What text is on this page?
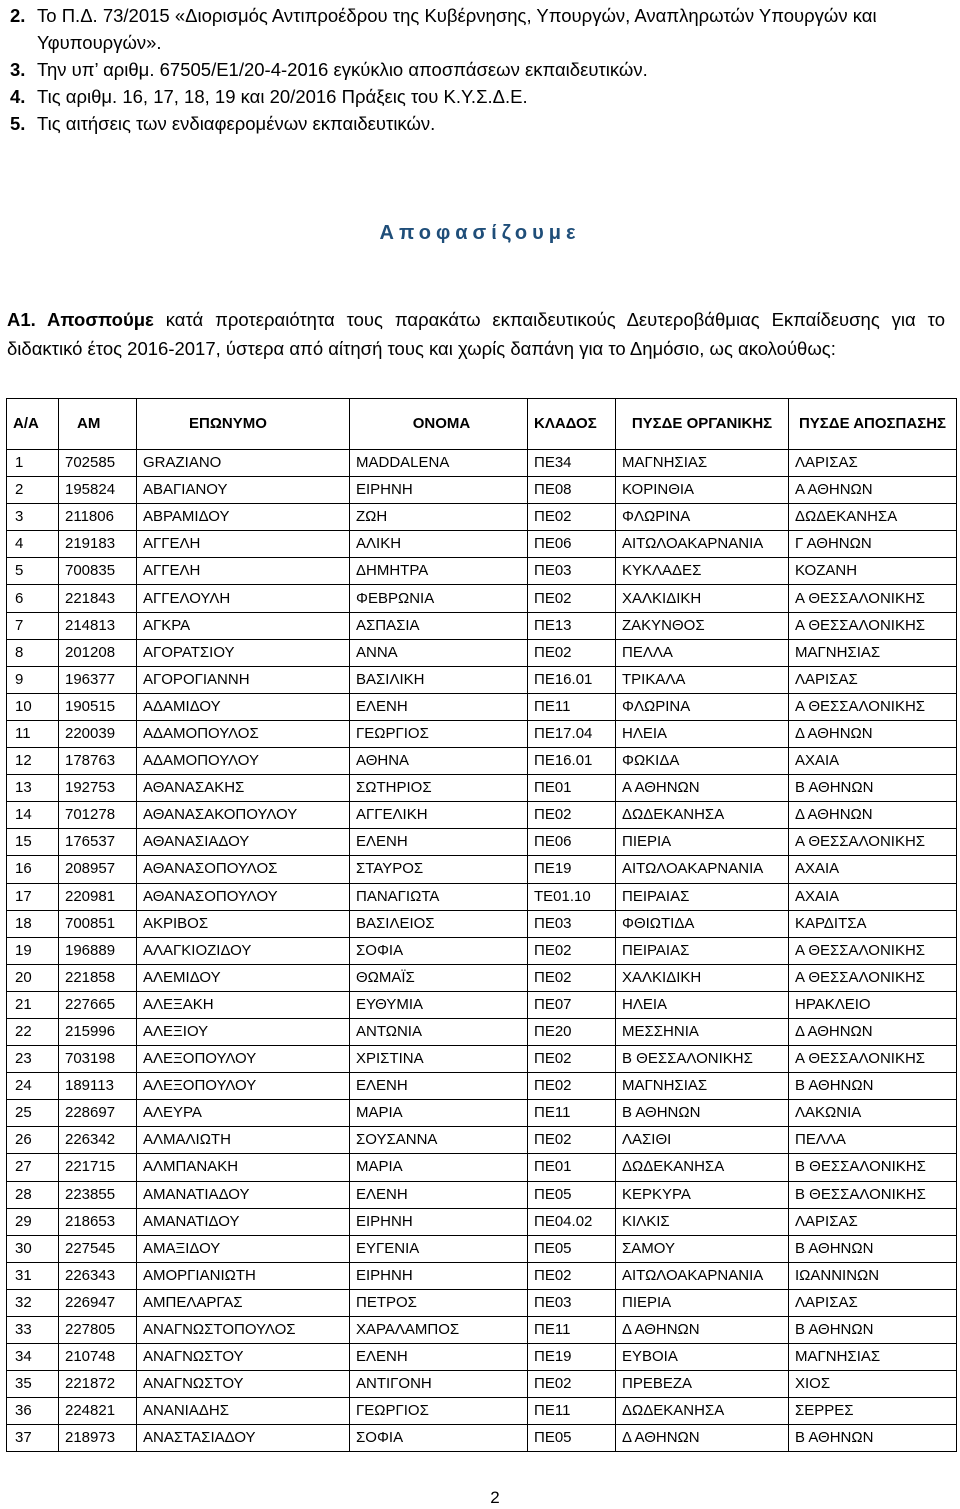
2. Το Π.Δ. 73/2015 «Διορισμός Αντιπροέδρου της Κυβέρνησης, Υπουργών, Αναπληρωτών Υπουργών και Υφυπουργών».
3. Την υπ’ αριθμ. 67505/Ε1/20-4-2016 εγκύκλιο αποσπάσεων εκπαιδευτικών.
4. Τις αριθμ. 16, 17, 18, 19 και 20/2016 Πράξεις του Κ.Υ.Σ.Δ.Ε.
5. Τις αιτήσεις των ενδιαφερομένων εκπαιδευτικών.
Αποφασίζουμε
Α1. Αποσπούμε κατά προτεραιότητα τους παρακάτω εκπαιδευτικούς Δευτεροβάθμιας Εκπαίδευσης για το διδακτικό έτος 2016-2017, ύστερα από αίτησή τους και χωρίς δαπάνη για το Δημόσιο, ως ακολούθως:
Α/Α	ΑΜ	ΕΠΩΝΥΜΟ	ΟΝΟΜΑ	ΚΛΑΔΟΣ	ΠΥΣΔΕ ΟΡΓΑΝΙΚΗΣ	ΠΥΣΔΕ ΑΠΟΣΠΑΣΗΣ
1	702585	GRAZIANO	MADDALENA	ΠΕ34	ΜΑΓΝΗΣΙΑΣ	ΛΑΡΙΣΑΣ
2	195824	ΑΒΑΓΙΑΝΟΥ	ΕΙΡΗΝΗ	ΠΕ08	ΚΟΡΙΝΘΙΑ	Α ΑΘΗΝΩΝ
3	211806	ΑΒΡΑΜΙΔΟΥ	ΖΩΗ	ΠΕ02	ΦΛΩΡΙΝΑ	ΔΩΔΕΚΑΝΗΣΑ
4	219183	ΑΓΓΕΛΗ	ΑΛΙΚΗ	ΠΕ06	ΑΙΤΩΛΟΑΚΑΡΝΑΝΙΑ	Γ ΑΘΗΝΩΝ
5	700835	ΑΓΓΕΛΗ	ΔΗΜΗΤΡΑ	ΠΕ03	ΚΥΚΛΑΔΕΣ	ΚΟΖΑΝΗ
6	221843	ΑΓΓΕΛΟΥΛΗ	ΦΕΒΡΩΝΙΑ	ΠΕ02	ΧΑΛΚΙΔΙΚΗ	Α ΘΕΣΣΑΛΟΝΙΚΗΣ
7	214813	ΑΓΚΡΑ	ΑΣΠΑΣΙΑ	ΠΕ13	ΖΑΚΥΝΘΟΣ	Α ΘΕΣΣΑΛΟΝΙΚΗΣ
8	201208	ΑΓΟΡΑΤΣΙΟΥ	ΑΝΝΑ	ΠΕ02	ΠΕΛΛΑ	ΜΑΓΝΗΣΙΑΣ
9	196377	ΑΓΟΡΟΓΙΑΝΝΗ	ΒΑΣΙΛΙΚΗ	ΠΕ16.01	ΤΡΙΚΑΛΑ	ΛΑΡΙΣΑΣ
10	190515	ΑΔΑΜΙΔΟΥ	ΕΛΕΝΗ	ΠΕ11	ΦΛΩΡΙΝΑ	Α ΘΕΣΣΑΛΟΝΙΚΗΣ
11	220039	ΑΔΑΜΟΠΟΥΛΟΣ	ΓΕΩΡΓΙΟΣ	ΠΕ17.04	ΗΛΕΙΑ	Δ ΑΘΗΝΩΝ
12	178763	ΑΔΑΜΟΠΟΥΛΟΥ	ΑΘΗΝΑ	ΠΕ16.01	ΦΩΚΙΔΑ	ΑΧΑΙΑ
13	192753	ΑΘΑΝΑΣΑΚΗΣ	ΣΩΤΗΡΙΟΣ	ΠΕ01	Α ΑΘΗΝΩΝ	Β ΑΘΗΝΩΝ
14	701278	ΑΘΑΝΑΣΑΚΟΠΟΥΛΟΥ	ΑΓΓΕΛΙΚΗ	ΠΕ02	ΔΩΔΕΚΑΝΗΣΑ	Δ ΑΘΗΝΩΝ
15	176537	ΑΘΑΝΑΣΙΑΔΟΥ	ΕΛΕΝΗ	ΠΕ06	ΠΙΕΡΙΑ	Α ΘΕΣΣΑΛΟΝΙΚΗΣ
16	208957	ΑΘΑΝΑΣΟΠΟΥΛΟΣ	ΣΤΑΥΡΟΣ	ΠΕ19	ΑΙΤΩΛΟΑΚΑΡΝΑΝΙΑ	ΑΧΑΙΑ
17	220981	ΑΘΑΝΑΣΟΠΟΥΛΟΥ	ΠΑΝΑΓΙΩΤΑ	ΤΕ01.10	ΠΕΙΡΑΙΑΣ	ΑΧΑΙΑ
18	700851	ΑΚΡΙΒΟΣ	ΒΑΣΙΛΕΙΟΣ	ΠΕ03	ΦΘΙΩΤΙΔΑ	ΚΑΡΔΙΤΣΑ
19	196889	ΑΛΑΓΚΙΟΖΙΔΟΥ	ΣΟΦΙΑ	ΠΕ02	ΠΕΙΡΑΙΑΣ	Α ΘΕΣΣΑΛΟΝΙΚΗΣ
20	221858	ΑΛΕΜΙΔΟΥ	ΘΩΜΑΪΣ	ΠΕ02	ΧΑΛΚΙΔΙΚΗ	Α ΘΕΣΣΑΛΟΝΙΚΗΣ
21	227665	ΑΛΕΞΑΚΗ	ΕΥΘΥΜΙΑ	ΠΕ07	ΗΛΕΙΑ	ΗΡΑΚΛΕΙΟ
22	215996	ΑΛΕΞΙΟΥ	ΑΝΤΩΝΙΑ	ΠΕ20	ΜΕΣΣΗΝΙΑ	Δ ΑΘΗΝΩΝ
23	703198	ΑΛΕΞΟΠΟΥΛΟΥ	ΧΡΙΣΤΙΝΑ	ΠΕ02	Β ΘΕΣΣΑΛΟΝΙΚΗΣ	Α ΘΕΣΣΑΛΟΝΙΚΗΣ
24	189113	ΑΛΕΞΟΠΟΥΛΟΥ	ΕΛΕΝΗ	ΠΕ02	ΜΑΓΝΗΣΙΑΣ	Β ΑΘΗΝΩΝ
25	228697	ΑΛΕΥΡΑ	ΜΑΡΙΑ	ΠΕ11	Β ΑΘΗΝΩΝ	ΛΑΚΩΝΙΑ
26	226342	ΑΛΜΑΛΙΩΤΗ	ΣΟΥΣΑΝΝΑ	ΠΕ02	ΛΑΣΙΘΙ	ΠΕΛΛΑ
27	221715	ΑΛΜΠΑΝΑΚΗ	ΜΑΡΙΑ	ΠΕ01	ΔΩΔΕΚΑΝΗΣΑ	Β ΘΕΣΣΑΛΟΝΙΚΗΣ
28	223855	ΑΜΑΝΑΤΙΑΔΟΥ	ΕΛΕΝΗ	ΠΕ05	ΚΕΡΚΥΡΑ	Β ΘΕΣΣΑΛΟΝΙΚΗΣ
29	218653	ΑΜΑΝΑΤΙΔΟΥ	ΕΙΡΗΝΗ	ΠΕ04.02	ΚΙΛΚΙΣ	ΛΑΡΙΣΑΣ
30	227545	ΑΜΑΞΙΔΟΥ	ΕΥΓΕΝΙΑ	ΠΕ05	ΣΑΜΟΥ	Β ΑΘΗΝΩΝ
31	226343	ΑΜΟΡΓΙΑΝΙΩΤΗ	ΕΙΡΗΝΗ	ΠΕ02	ΑΙΤΩΛΟΑΚΑΡΝΑΝΙΑ	ΙΩΑΝΝΙΝΩΝ
32	226947	ΑΜΠΕΛΑΡΓΑΣ	ΠΕΤΡΟΣ	ΠΕ03	ΠΙΕΡΙΑ	ΛΑΡΙΣΑΣ
33	227805	ΑΝΑΓΝΩΣΤΟΠΟΥΛΟΣ	ΧΑΡΑΛΑΜΠΟΣ	ΠΕ11	Δ ΑΘΗΝΩΝ	Β ΑΘΗΝΩΝ
34	210748	ΑΝΑΓΝΩΣΤΟΥ	ΕΛΕΝΗ	ΠΕ19	ΕΥΒΟΙΑ	ΜΑΓΝΗΣΙΑΣ
35	221872	ΑΝΑΓΝΩΣΤΟΥ	ΑΝΤΙΓΟΝΗ	ΠΕ02	ΠΡΕΒΕΖΑ	ΧΙΟΣ
36	224821	ΑΝΑΝΙΑΔΗΣ	ΓΕΩΡΓΙΟΣ	ΠΕ11	ΔΩΔΕΚΑΝΗΣΑ	ΣΕΡΡΕΣ
37	218973	ΑΝΑΣΤΑΣΙΑΔΟΥ	ΣΟΦΙΑ	ΠΕ05	Δ ΑΘΗΝΩΝ	Β ΑΘΗΝΩΝ
2
